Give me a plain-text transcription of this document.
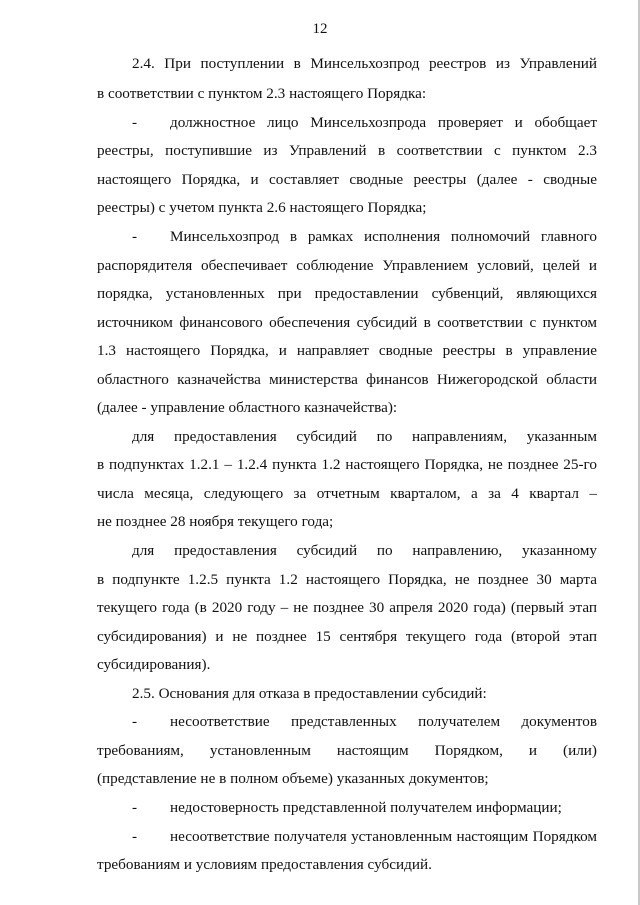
12
2.4. При поступлении в Минсельхозпрод реестров из Управлений
в соответствии с пунктом 2.3 настоящего Порядка:
- должностное лицо Минсельхозпрода проверяет и обобщает
реестры, поступившие из Управлений в соответствии с пунктом 2.3
настоящего Порядка, и составляет сводные реестры (далее - сводные
реестры) с учетом пункта 2.6 настоящего Порядка;
- Минсельхозпрод в рамках исполнения полномочий главного
распорядителя обеспечивает соблюдение Управлением условий, целей и
порядка, установленных при предоставлении субвенций, являющихся
источником финансового обеспечения субсидий в соответствии с пунктом
1.3 настоящего Порядка, и направляет сводные реестры в управление
областного казначейства министерства финансов Нижегородской области
(далее - управление областного казначейства):
для предоставления субсидий по направлениям, указанным
в подпунктах 1.2.1 – 1.2.4 пункта 1.2 настоящего Порядка, не позднее 25-го
числа месяца, следующего за отчетным кварталом, а за 4 квартал –
не позднее 28 ноября текущего года;
для предоставления субсидий по направлению, указанному
в подпункте 1.2.5 пункта 1.2 настоящего Порядка, не позднее 30 марта
текущего года (в 2020 году – не позднее 30 апреля 2020 года) (первый этап
субсидирования) и не позднее 15 сентября текущего года (второй этап
субсидирования).
2.5. Основания для отказа в предоставлении субсидий:
- несоответствие представленных получателем документов
требованиям, установленным настоящим Порядком, и (или)
(представление не в полном объеме) указанных документов;
- недостоверность представленной получателем информации;
- несоответствие получателя установленным настоящим Порядком
требованиям и условиям предоставления субсидий.
